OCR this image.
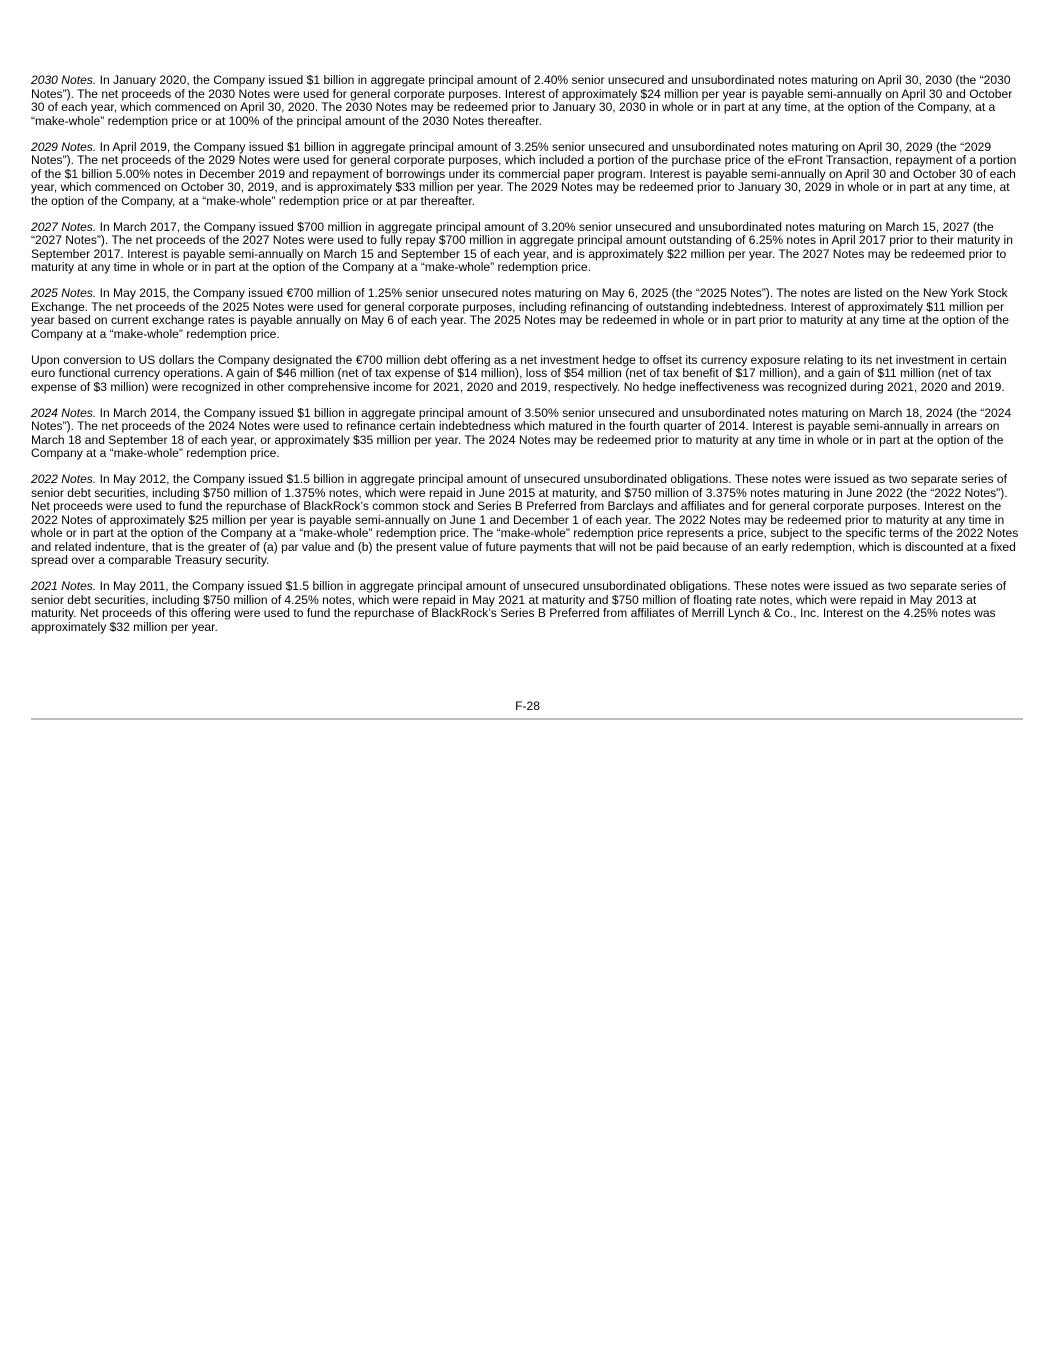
2030 Notes. In January 2020, the Company issued $1 billion in aggregate principal amount of 2.40% senior unsecured and unsubordinated notes maturing on April 30, 2030 (the “2030 Notes”). The net proceeds of the 2030 Notes were used for general corporate purposes. Interest of approximately $24 million per year is payable semi-annually on April 30 and October 30 of each year, which commenced on April 30, 2020. The 2030 Notes may be redeemed prior to January 30, 2030 in whole or in part at any time, at the option of the Company, at a “make-whole” redemption price or at 100% of the principal amount of the 2030 Notes thereafter.

2029 Notes. In April 2019, the Company issued $1 billion in aggregate principal amount of 3.25% senior unsecured and unsubordinated notes maturing on April 30, 2029 (the “2029 Notes”). The net proceeds of the 2029 Notes were used for general corporate purposes, which included a portion of the purchase price of the eFront Transaction, repayment of a portion of the $1 billion 5.00% notes in December 2019 and repayment of borrowings under its commercial paper program. Interest is payable semi-annually on April 30 and October 30 of each year, which commenced on October 30, 2019, and is approximately $33 million per year. The 2029 Notes may be redeemed prior to January 30, 2029 in whole or in part at any time, at the option of the Company, at a “make-whole” redemption price or at par thereafter.

2027 Notes. In March 2017, the Company issued $700 million in aggregate principal amount of 3.20% senior unsecured and unsubordinated notes maturing on March 15, 2027 (the “2027 Notes”). The net proceeds of the 2027 Notes were used to fully repay $700 million in aggregate principal amount outstanding of 6.25% notes in April 2017 prior to their maturity in September 2017. Interest is payable semi-annually on March 15 and September 15 of each year, and is approximately $22 million per year. The 2027 Notes may be redeemed prior to maturity at any time in whole or in part at the option of the Company at a “make-whole” redemption price.

2025 Notes. In May 2015, the Company issued €700 million of 1.25% senior unsecured notes maturing on May 6, 2025 (the “2025 Notes”). The notes are listed on the New York Stock Exchange. The net proceeds of the 2025 Notes were used for general corporate purposes, including refinancing of outstanding indebtedness. Interest of approximately $11 million per year based on current exchange rates is payable annually on May 6 of each year. The 2025 Notes may be redeemed in whole or in part prior to maturity at any time at the option of the Company at a “make-whole” redemption price.

Upon conversion to US dollars the Company designated the €700 million debt offering as a net investment hedge to offset its currency exposure relating to its net investment in certain euro functional currency operations. A gain of $46 million (net of tax expense of $14 million), loss of $54 million (net of tax benefit of $17 million), and a gain of $11 million (net of tax expense of $3 million) were recognized in other comprehensive income for 2021, 2020 and 2019, respectively. No hedge ineffectiveness was recognized during 2021, 2020 and 2019.

2024 Notes. In March 2014, the Company issued $1 billion in aggregate principal amount of 3.50% senior unsecured and unsubordinated notes maturing on March 18, 2024 (the “2024 Notes”). The net proceeds of the 2024 Notes were used to refinance certain indebtedness which matured in the fourth quarter of 2014. Interest is payable semi-annually in arrears on March 18 and September 18 of each year, or approximately $35 million per year. The 2024 Notes may be redeemed prior to maturity at any time in whole or in part at the option of the Company at a “make-whole” redemption price.

2022 Notes. In May 2012, the Company issued $1.5 billion in aggregate principal amount of unsecured unsubordinated obligations. These notes were issued as two separate series of senior debt securities, including $750 million of 1.375% notes, which were repaid in June 2015 at maturity, and $750 million of 3.375% notes maturing in June 2022 (the “2022 Notes”). Net proceeds were used to fund the repurchase of BlackRock’s common stock and Series B Preferred from Barclays and affiliates and for general corporate purposes. Interest on the 2022 Notes of approximately $25 million per year is payable semi-annually on June 1 and December 1 of each year. The 2022 Notes may be redeemed prior to maturity at any time in whole or in part at the option of the Company at a “make-whole” redemption price. The “make-whole” redemption price represents a price, subject to the specific terms of the 2022 Notes and related indenture, that is the greater of (a) par value and (b) the present value of future payments that will not be paid because of an early redemption, which is discounted at a fixed spread over a comparable Treasury security.

2021 Notes. In May 2011, the Company issued $1.5 billion in aggregate principal amount of unsecured unsubordinated obligations. These notes were issued as two separate series of senior debt securities, including $750 million of 4.25% notes, which were repaid in May 2021 at maturity and $750 million of floating rate notes, which were repaid in May 2013 at maturity. Net proceeds of this offering were used to fund the repurchase of BlackRock’s Series B Preferred from affiliates of Merrill Lynch & Co., Inc. Interest on the 4.25% notes was approximately $32 million per year.

F-28
